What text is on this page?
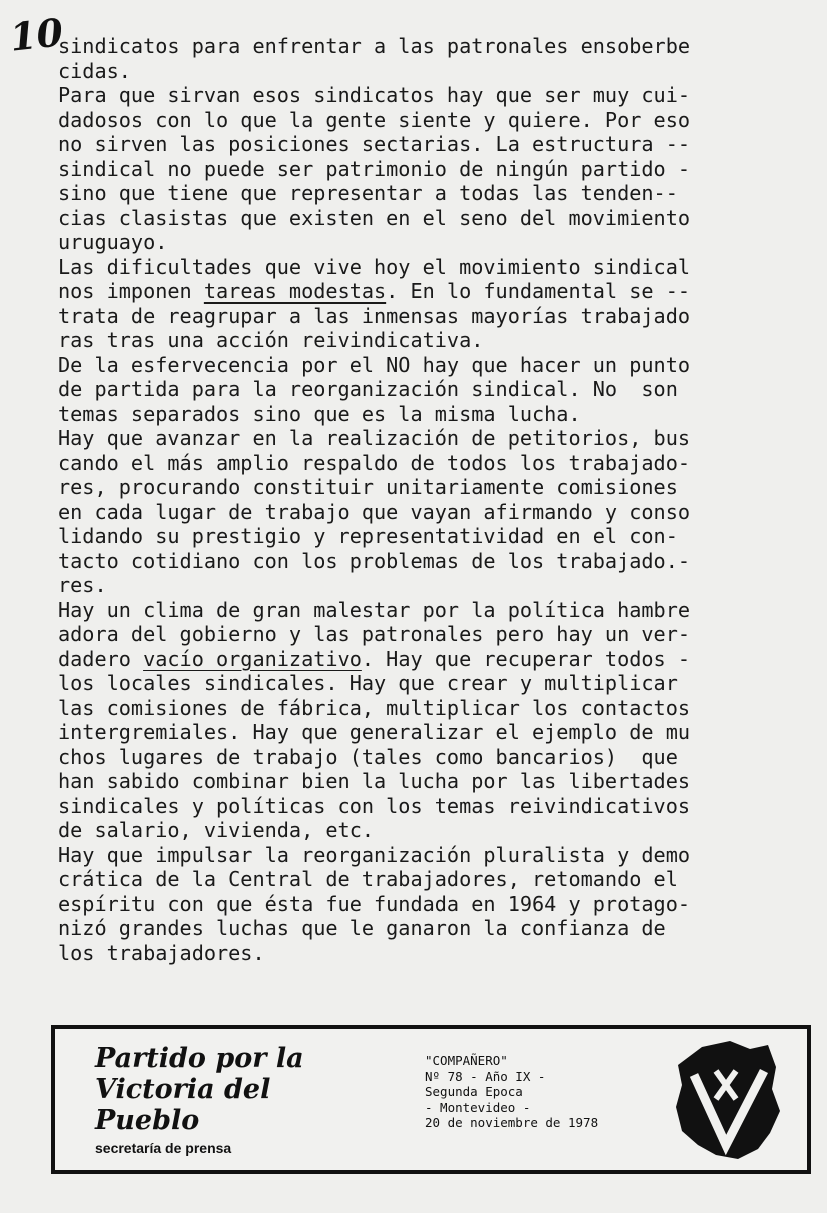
10
sindicatos para enfrentar a las patronales ensoberbe
cidas.
Para que sirvan esos sindicatos hay que ser muy cui-
dadosos con lo que la gente siente y quiere. Por eso
no sirven las posiciones sectarias. La estructura --
sindical no puede ser patrimonio de ningún partido -
sino que tiene que representar a todas las tenden--
cias clasistas que existen en el seno del movimiento
uruguayo.
Las dificultades que vive hoy el movimiento sindical
nos imponen tareas modestas. En lo fundamental se --
trata de reagrupar a las inmensas mayorías trabajado
ras tras una acción reivindicativa.
De la esfervecencia por el NO hay que hacer un punto
de partida para la reorganización sindical. No  son
temas separados sino que es la misma lucha.
Hay que avanzar en la realización de petitorios, bus
cando el más amplio respaldo de todos los trabajado-
res, procurando constituir unitariamente comisiones
en cada lugar de trabajo que vayan afirmando y conso
lidando su prestigio y representatividad en el con-
tacto cotidiano con los problemas de los trabajado.-
res.
Hay un clima de gran malestar por la política hambre
adora del gobierno y las patronales pero hay un ver-
dadero vacío organizativo. Hay que recuperar todos -
los locales sindicales. Hay que crear y multiplicar
las comisiones de fábrica, multiplicar los contactos
intergremiales. Hay que generalizar el ejemplo de mu
chos lugares de trabajo (tales como bancarios)  que
han sabido combinar bien la lucha por las libertades
sindicales y políticas con los temas reivindicativos
de salario, vivienda, etc.
Hay que impulsar la reorganización pluralista y demo
crática de la Central de trabajadores, retomando el
espíritu con que ésta fue fundada en 1964 y protago-
nizó grandes luchas que le ganaron la confianza de
los trabajadores.
Partido por la
Victoria del
Pueblo
secretaría de prensa
"COMPAÑERO"
Nº 78 - Año IX -
Segunda Epoca
- Montevideo -
20 de noviembre de 1978
